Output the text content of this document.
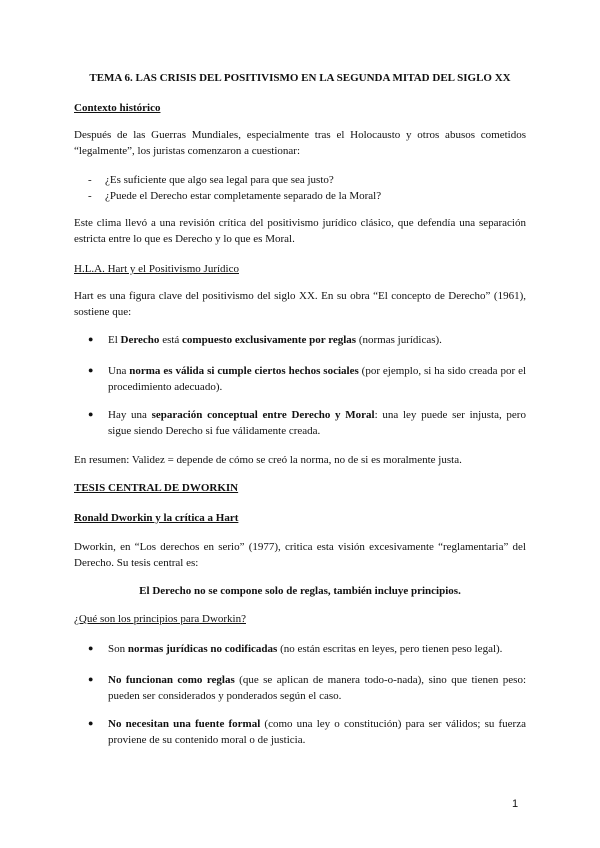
TEMA 6. LAS CRISIS DEL POSITIVISMO EN LA SEGUNDA MITAD DEL SIGLO XX

Contexto histórico

Después de las Guerras Mundiales, especialmente tras el Holocausto y otros abusos cometidos “legalmente”, los juristas comenzaron a cuestionar:

- ¿Es suficiente que algo sea legal para que sea justo?
- ¿Puede el Derecho estar completamente separado de la Moral?

Este clima llevó a una revisión crítica del positivismo jurídico clásico, que defendía una separación estricta entre lo que es Derecho y lo que es Moral.

H.L.A. Hart y el Positivismo Jurídico

Hart es una figura clave del positivismo del siglo XX. En su obra “El concepto de Derecho” (1961), sostiene que:

● El Derecho está compuesto exclusivamente por reglas (normas jurídicas).
● Una norma es válida si cumple ciertos hechos sociales (por ejemplo, si ha sido creada por el procedimiento adecuado).
● Hay una separación conceptual entre Derecho y Moral: una ley puede ser injusta, pero sigue siendo Derecho si fue válidamente creada.

En resumen: Validez = depende de cómo se creó la norma, no de si es moralmente justa.

TESIS CENTRAL DE DWORKIN

Ronald Dworkin y la crítica a Hart

Dworkin, en “Los derechos en serio” (1977), critica esta visión excesivamente “reglamentaria” del Derecho. Su tesis central es:

El Derecho no se compone solo de reglas, también incluye principios.

¿Qué son los principios para Dworkin?

● Son normas jurídicas no codificadas (no están escritas en leyes, pero tienen peso legal).
● No funcionan como reglas (que se aplican de manera todo-o-nada), sino que tienen peso: pueden ser considerados y ponderados según el caso.
● No necesitan una fuente formal (como una ley o constitución) para ser válidos; su fuerza proviene de su contenido moral o de justicia.
1
